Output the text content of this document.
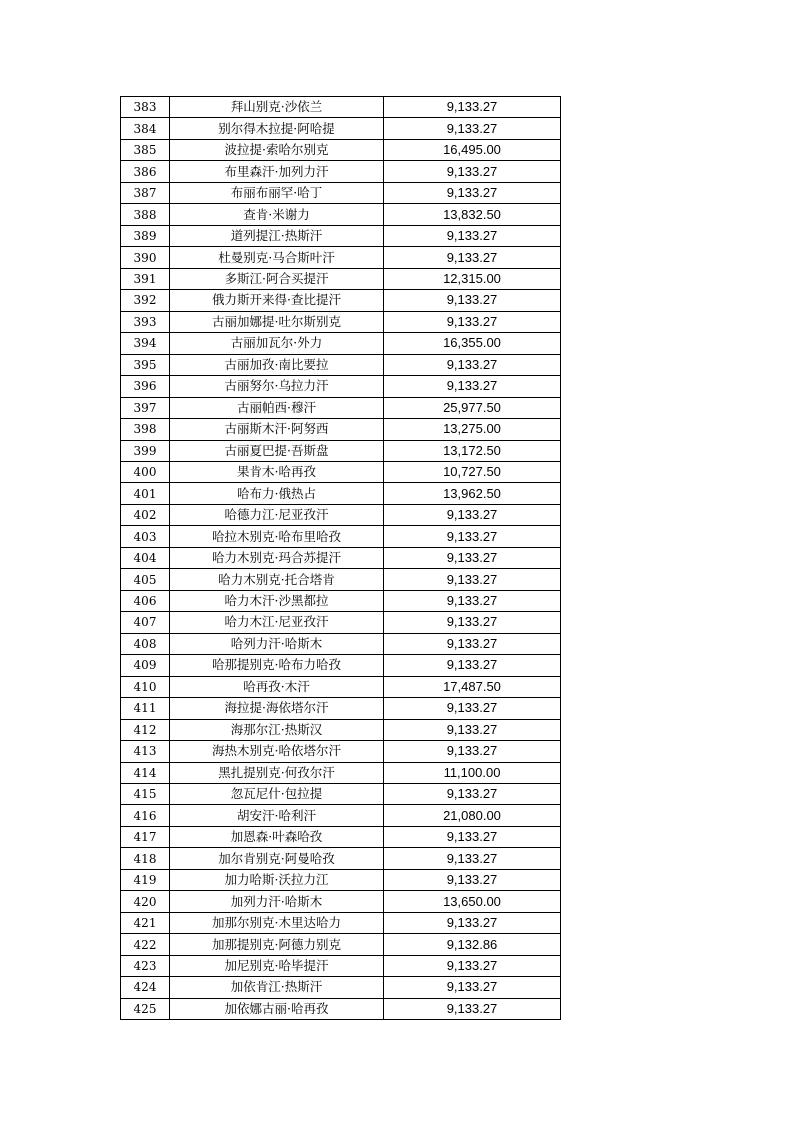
383	拜山别克·沙依兰	9,133.27
384	别尔得木拉提·阿哈提	9,133.27
385	波拉提·索哈尔别克	16,495.00
386	布里森汗·加列力汗	9,133.27
387	布丽布丽罕·哈丁	9,133.27
388	查肯·米谢力	13,832.50
389	道列提江·热斯汗	9,133.27
390	杜曼别克·马合斯叶汗	9,133.27
391	多斯江·阿合买提汗	12,315.00
392	俄力斯开来得·查比提汗	9,133.27
393	古丽加娜提·吐尔斯别克	9,133.27
394	古丽加瓦尔·外力	16,355.00
395	古丽加孜·南比要拉	9,133.27
396	古丽努尔·乌拉力汗	9,133.27
397	古丽帕西·穆汗	25,977.50
398	古丽斯木汗·阿努西	13,275.00
399	古丽夏巴提·吾斯盘	13,172.50
400	果肯木·哈再孜	10,727.50
401	哈布力·俄热占	13,962.50
402	哈德力江·尼亚孜汗	9,133.27
403	哈拉木别克·哈布里哈孜	9,133.27
404	哈力木别克·玛合苏提汗	9,133.27
405	哈力木别克·托合塔肯	9,133.27
406	哈力木汗·沙黑都拉	9,133.27
407	哈力木江·尼亚孜汗	9,133.27
408	哈列力汗·哈斯木	9,133.27
409	哈那提别克·哈布力哈孜	9,133.27
410	哈再孜·木汗	17,487.50
411	海拉提·海依塔尔汗	9,133.27
412	海那尔江·热斯汉	9,133.27
413	海热木别克·哈依塔尔汗	9,133.27
414	黑扎提别克·何孜尔汗	11,100.00
415	忽瓦尼什·包拉提	9,133.27
416	胡安汗·哈利汗	21,080.00
417	加恩森·叶森哈孜	9,133.27
418	加尔肯别克·阿曼哈孜	9,133.27
419	加力哈斯·沃拉力江	9,133.27
420	加列力汗·哈斯木	13,650.00
421	加那尔别克·木里达哈力	9,133.27
422	加那提别克·阿德力别克	9,132.86
423	加尼别克·哈毕提汗	9,133.27
424	加依肯江·热斯汗	9,133.27
425	加依娜古丽·哈再孜	9,133.27
